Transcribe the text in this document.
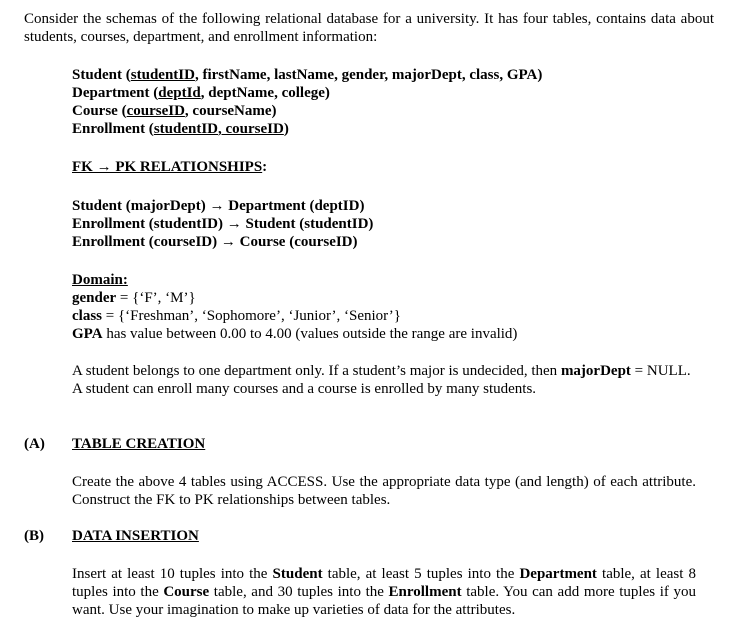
Consider the schemas of the following relational database for a university. It has four tables, contains data about students, courses, department, and enrollment information:
Student (studentID, firstName, lastName, gender, majorDept, class, GPA)
Department (deptId, deptName, college)
Course (courseID, courseName)
Enrollment (studentID, courseID)
FK → PK RELATIONSHIPS:
Student (majorDept) → Department (deptID)
Enrollment (studentID) → Student (studentID)
Enrollment (courseID) → Course (courseID)
Domain:
gender = {‘F’, ‘M’}
class = {‘Freshman’, ‘Sophomore’, ‘Junior’, ‘Senior’}
GPA has value between 0.00 to 4.00 (values outside the range are invalid)
A student belongs to one department only. If a student’s major is undecided, then majorDept = NULL.
A student can enroll many courses and a course is enrolled by many students.
(A) TABLE CREATION
Create the above 4 tables using ACCESS. Use the appropriate data type (and length) of each attribute. Construct the FK to PK relationships between tables.
(B) DATA INSERTION
Insert at least 10 tuples into the Student table, at least 5 tuples into the Department table, at least 8 tuples into the Course table, and 30 tuples into the Enrollment table. You can add more tuples if you want. Use your imagination to make up varieties of data for the attributes.
